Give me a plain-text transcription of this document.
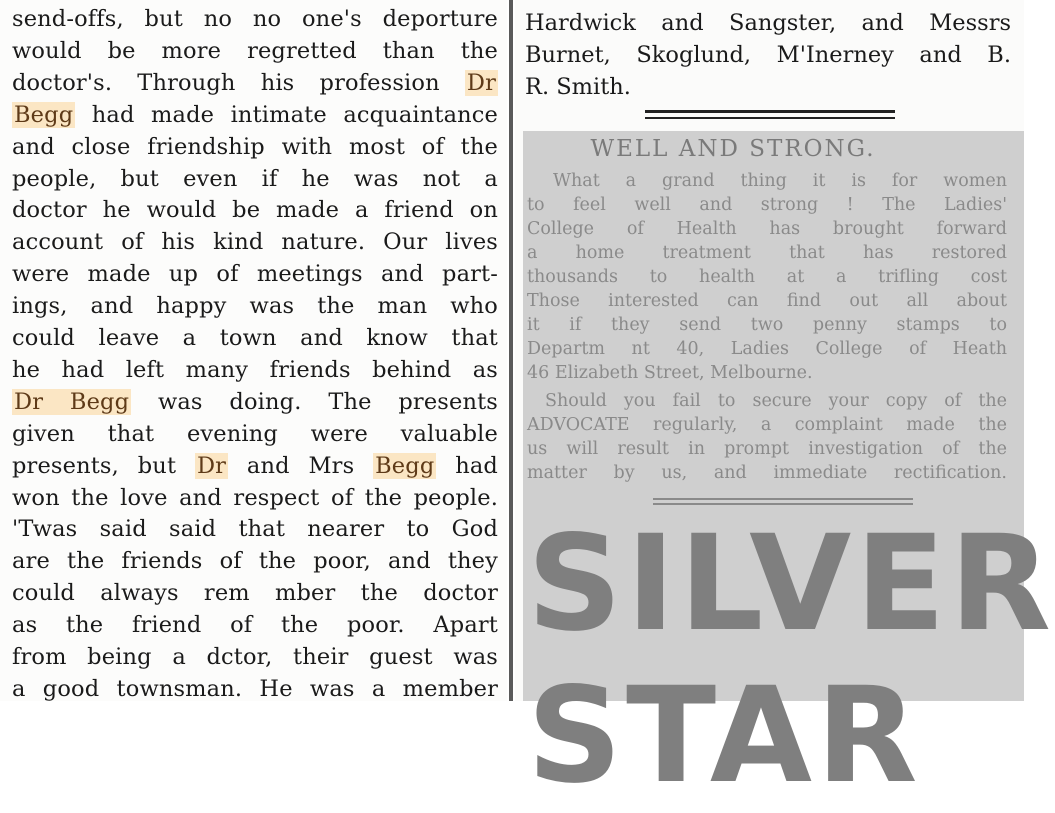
send-offs, but no no one's deporture
would be more regretted than the
doctor's. Through his profession Dr
Begg had made intimate acquaintance
and close friendship with most of the
people, but even if he was not a
doctor he would be made a friend on
account of his kind nature. Our lives
were made up of meetings and part-
ings, and happy was the man who
could leave a town and know that
he had left many friends behind as
Dr Begg was doing. The presents
given that evening were valuable
presents, but Dr and Mrs Begg had
won the love and respect of the people.
'Twas said said that nearer to God
are the friends of the poor, and they
could always rem mber the doctor
as the friend of the poor. Apart
from being a dctor, their guest was
a good townsman. He was a member
Hardwick and Sangster, and Messrs
Burnet, Skoglund, M'Inerney and B.
R. Smith.
WELL AND STRONG.
What a grand thing it is for women
to feel well and strong ! The Ladies'
College of Health has brought forward
a home treatment that has restored
thousands to health at a trifling cost
Those interested can find out all about
it if they send two penny stamps to
Departm nt 40, Ladies College of Heath
46 Elizabeth Street, Melbourne.
Should you fail to secure your copy of the
ADVOCATE regularly, a complaint made the
us will result in prompt investigation of the
matter by us, and immediate rectification.
SILVER
STAR
